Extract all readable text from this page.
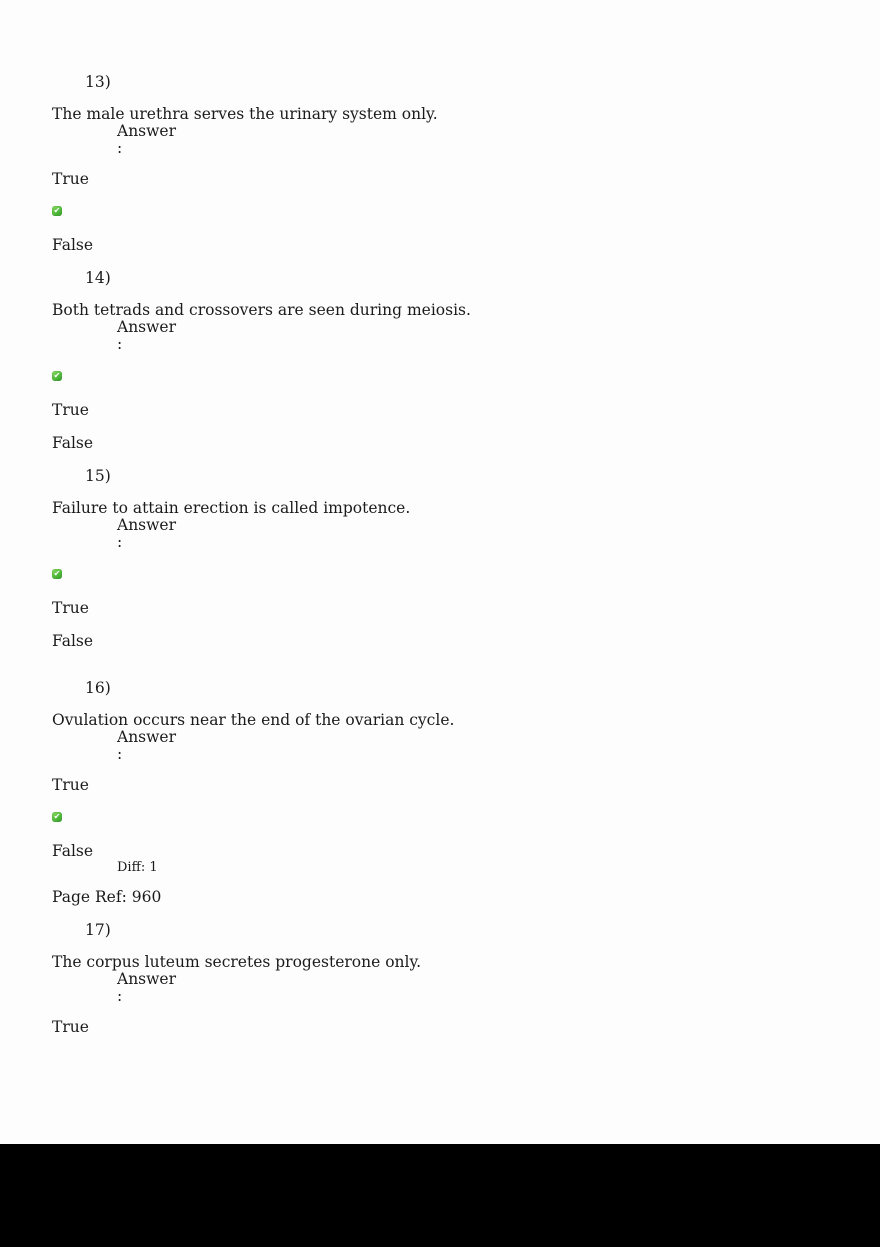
13)

The male urethra serves the urinary system only.

Answer

:

True

✔

False

14)

Both tetrads and crossovers are seen during meiosis.

Answer

:

✔

True

False

15)

Failure to attain erection is called impotence.

Answer

:

✔

True

False

16)

Ovulation occurs near the end of the ovarian cycle.

Answer

:

True

✔

False

Diff: 1

Page Ref: 960

17)

The corpus luteum secretes progesterone only.

Answer

:

True
